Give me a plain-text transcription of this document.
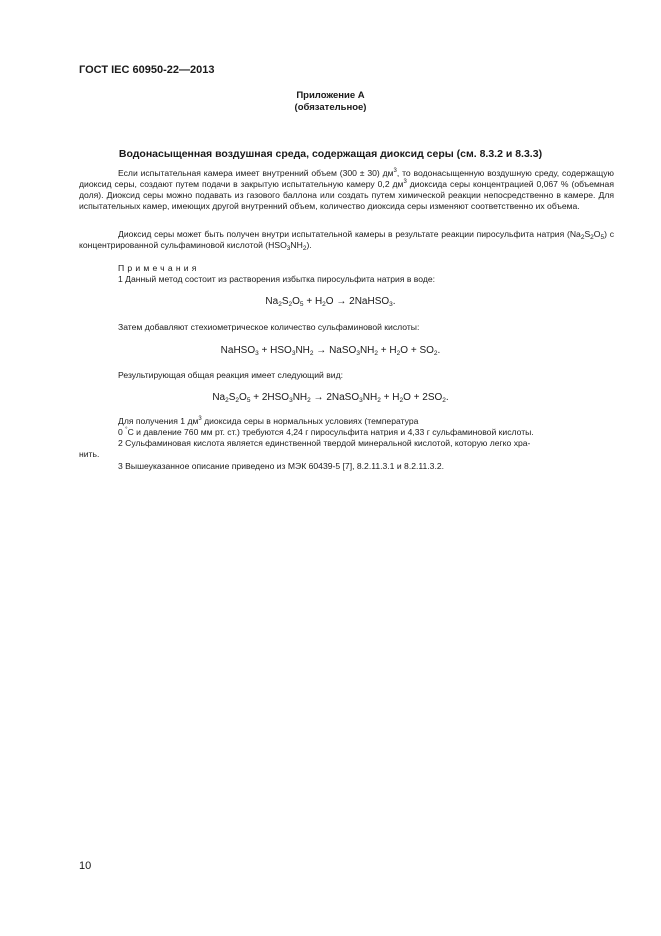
ГОСТ IEC 60950-22—2013
Приложение А
(обязательное)
Водонасыщенная воздушная среда, содержащая диоксид серы (см. 8.3.2 и 8.3.3)
Если испытательная камера имеет внутренний объем (300 ± 30) $дм^3$, то водонасыщенную воздушную среду, содержащую диоксид серы, создают путем подачи в закрытую испытательную камеру 0,2 $дм^3$ диоксида серы концентрацией 0,067 % (объемная доля). Диоксид серы можно подавать из газового баллона или создать путем химической реакции непосредственно в камере. Для испытательных камер, имеющих другой внутренний объем, количество диоксида серы изменяют соответственно их объема.
Диоксид серы может быть получен внутри испытательной камеры в результате реакции пиросульфита натрия $(Na_2S_2O_5)$ с концентрированной сульфаминовой кислотой $(HSO_3NH_2)$.
Примечания
1 Данный метод состоит из растворения избытка пиросульфита натрия в воде:
$Na_2S_2O_5 + H_2O$ → 2NaHSO$_3$.
Затем добавляют стехиометрическое количество сульфаминовой кислоты:
NaHSO$_3$ + $HSO_3NH_2$ → $NaSO_3NH_2 + H_2O + SO_2$.
Результирующая общая реакция имеет следующий вид:
$Na_2S_2O_5 + 2HSO_3NH_2$ → $2NaSO_3NH_2 + H_2O + 2SO_2$.
Для получения 1 $дм^3$ диоксида серы в нормальных условиях (температура
0 °C и давление 760 мм рт. ст.) требуются 4,24 г пиросульфита натрия и 4,33 г сульфаминовой кислоты.
2 Сульфаминовая кислота является единственной твердой минеральной кислотой, которую легко хра-
нить.
3 Вышеуказанное описание приведено из МЭК 60439-5 [7], 8.2.11.3.1 и 8.2.11.3.2.
10
